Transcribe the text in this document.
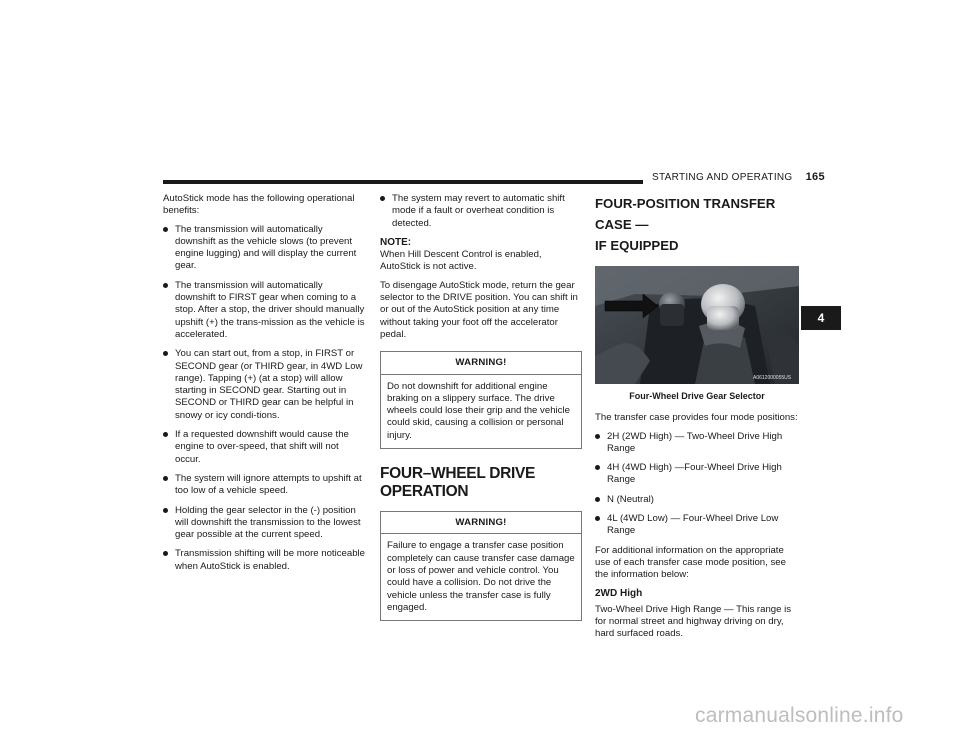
STARTING AND OPERATING 165

AutoStick mode has the following operational benefits:

The transmission will automatically downshift as the vehicle slows (to prevent engine lugging) and will display the current gear.
The transmission will automatically downshift to FIRST gear when coming to a stop. After a stop, the driver should manually upshift (+) the trans-mission as the vehicle is accelerated.
You can start out, from a stop, in FIRST or SECOND gear (or THIRD gear, in 4WD Low range). Tapping (+) (at a stop) will allow starting in SECOND gear. Starting out in SECOND or THIRD gear can be helpful in snowy or icy condi-tions.
If a requested downshift would cause the engine to over-speed, that shift will not occur.
The system will ignore attempts to upshift at too low of a vehicle speed.
Holding the gear selector in the (-) position will downshift the transmission to the lowest gear possible at the current speed.
Transmission shifting will be more noticeable when AutoStick is enabled.
The system may revert to automatic shift mode if a fault or overheat condition is detected.
NOTE:

When Hill Descent Control is enabled, AutoStick is not active.

To disengage AutoStick mode, return the gear selector to the DRIVE position. You can shift in or out of the AutoStick position at any time without taking your foot off the accelerator pedal.

WARNING!
Do not downshift for additional engine braking on a slippery surface. The drive wheels could lose their grip and the vehicle could skid, causing a collision or personal injury.
FOUR–WHEEL DRIVE OPERATION
WARNING!
Failure to engage a transfer case position completely can cause transfer case damage or loss of power and vehicle control. You could have a collision. Do not drive the vehicle unless the transfer case is fully engaged.
FOUR-POSITION TRANSFER CASE —
IF EQUIPPED
A0612000055US
Four-Wheel Drive Gear Selector

The transfer case provides four mode positions:

2H (2WD High) — Two-Wheel Drive High Range
4H (4WD High) —Four-Wheel Drive High Range
N (Neutral)
4L (4WD Low) — Four-Wheel Drive Low Range

For additional information on the appropriate use of each transfer case mode position, see the information below:

2WD High

Two-Wheel Drive High Range — This range is for normal street and highway driving on dry, hard surfaced roads.

4
carmanualsonline.info
